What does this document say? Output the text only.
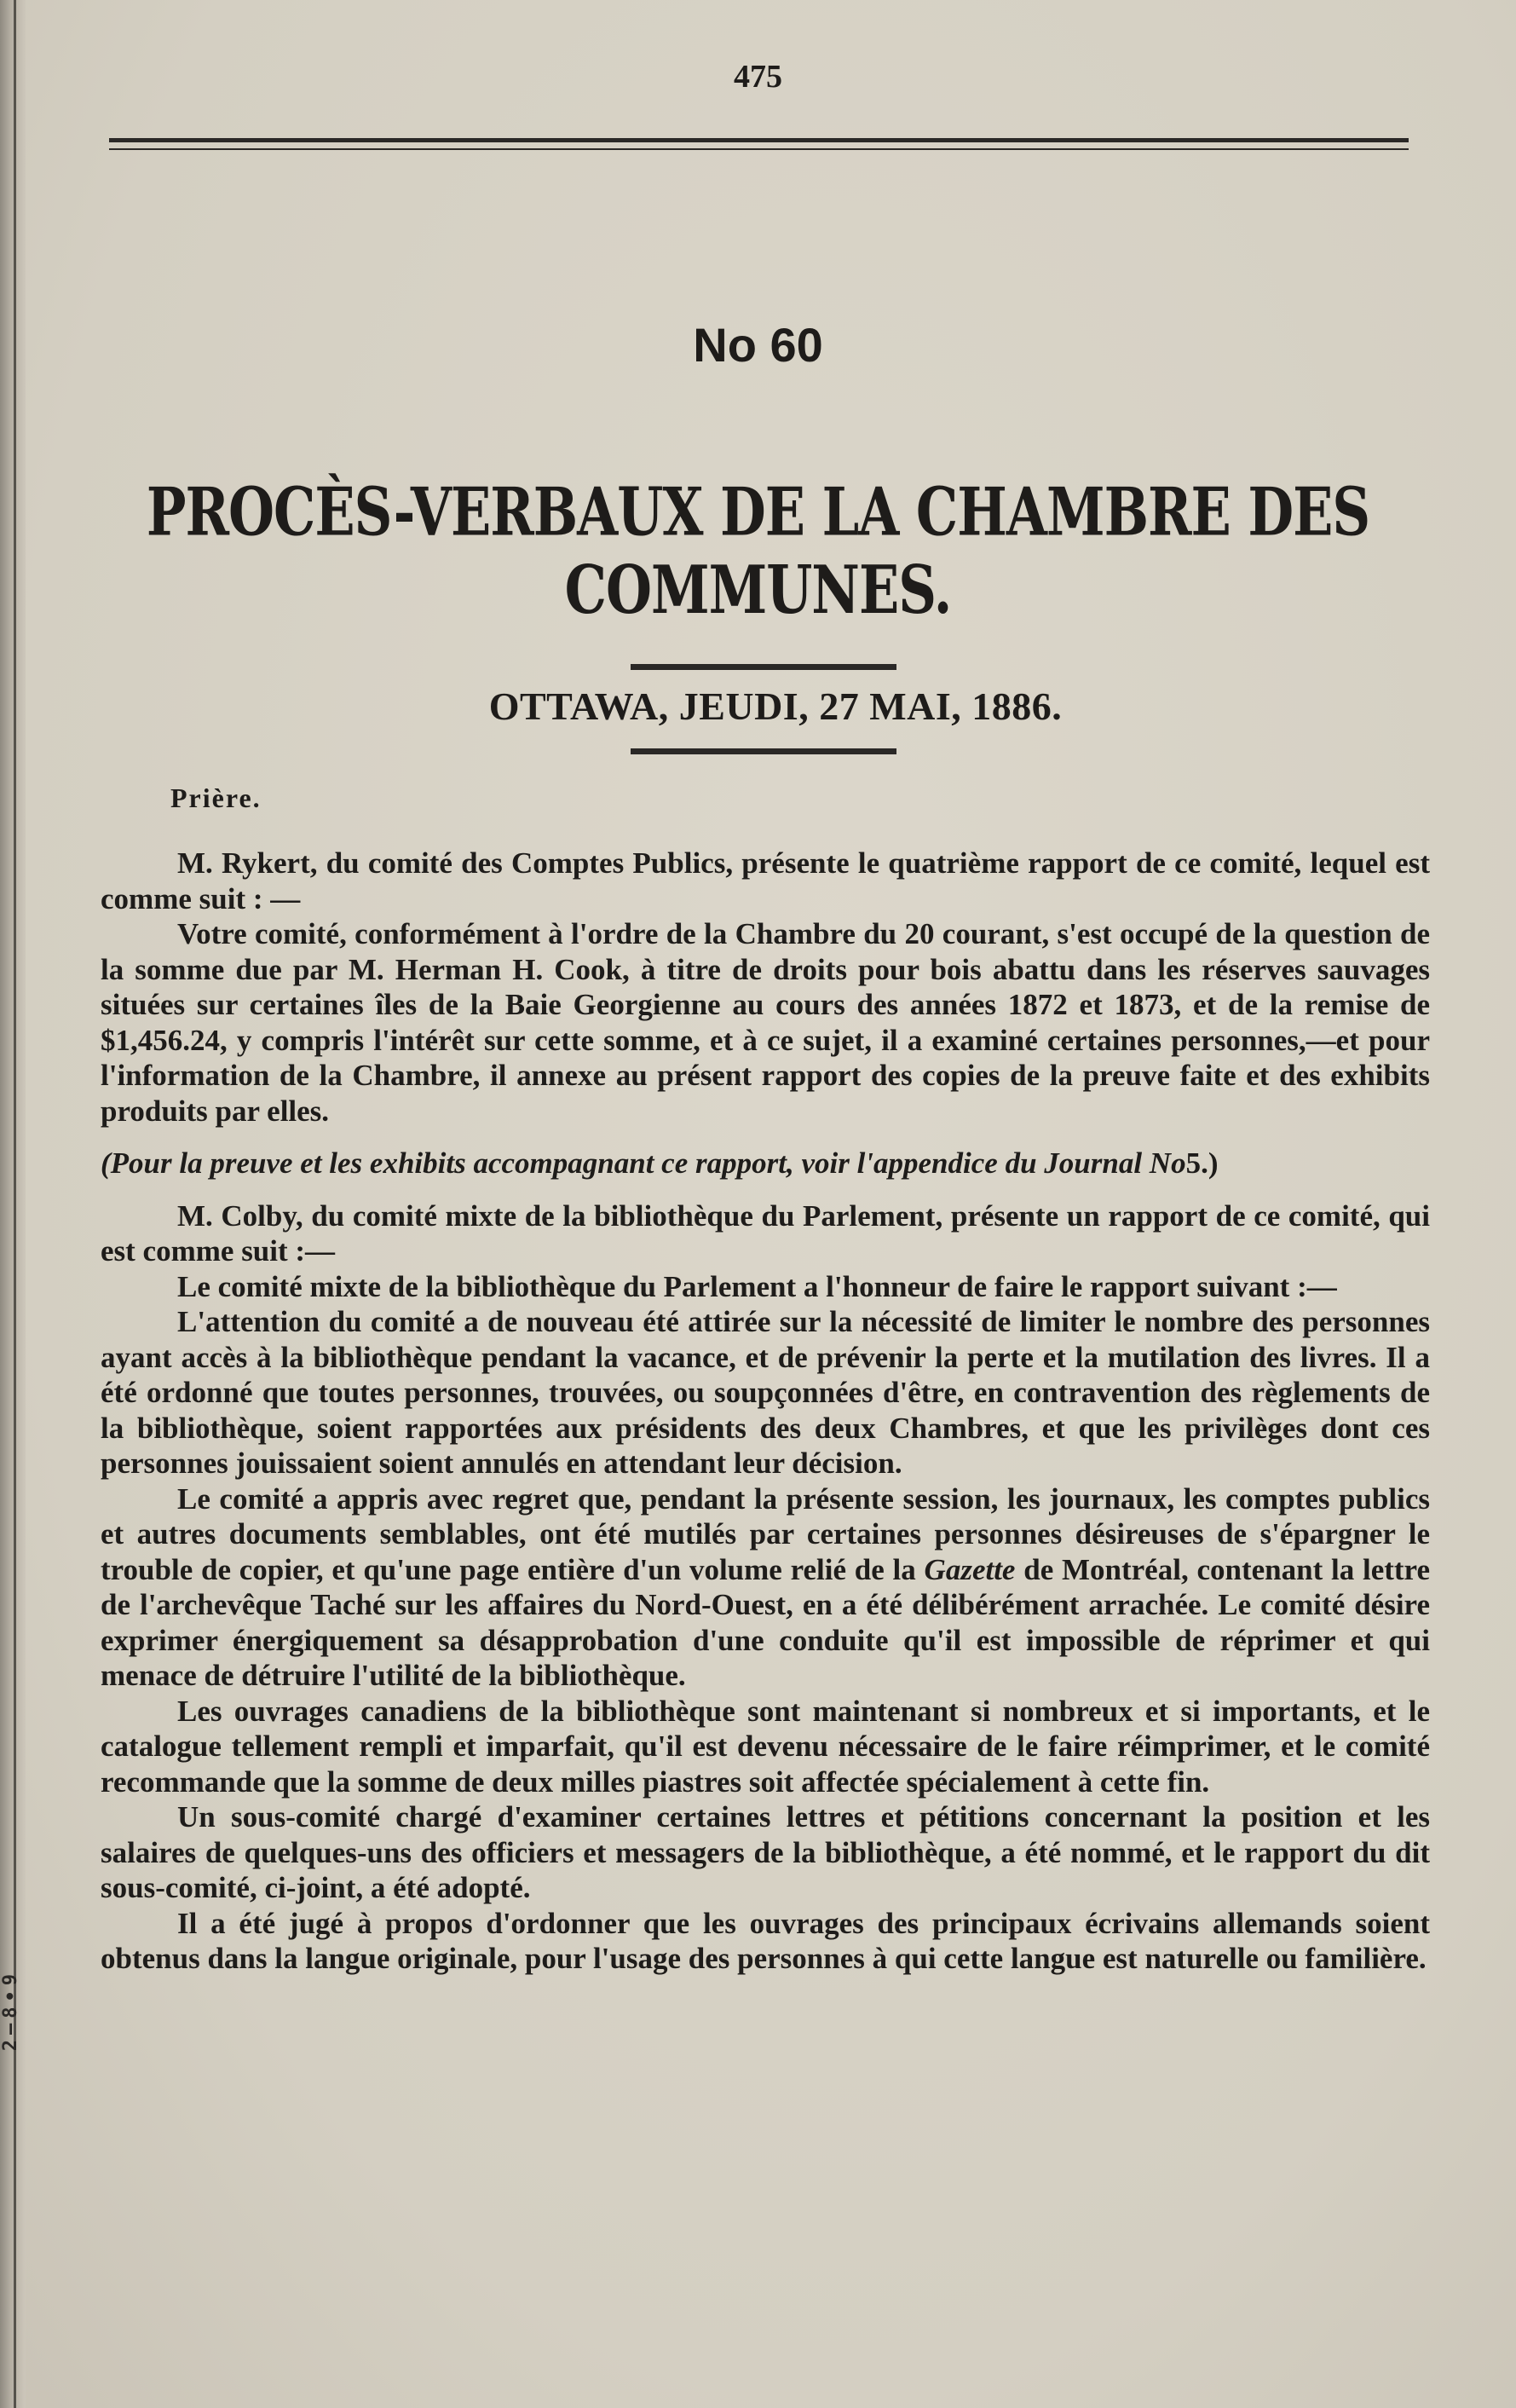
2–8∙9
475
No 60
PROCÈS-VERBAUX DE LA CHAMBRE DES COMMUNES.
OTTAWA, JEUDI, 27 MAI, 1886.
Prière.

M. Rykert, du comité des Comptes Publics, présente le quatrième rapport de ce comité, lequel est comme suit : —

Votre comité, conformément à l'ordre de la Chambre du 20 courant, s'est occupé de la question de la somme due par M. Herman H. Cook, à titre de droits pour bois abattu dans les réserves sauvages situées sur certaines îles de la Baie Georgienne au cours des années 1872 et 1873, et de la remise de $1,456.24, y compris l'intérêt sur cette somme, et à ce sujet, il a examiné certaines personnes,—et pour l'information de la Chambre, il annexe au présent rapport des copies de la preuve faite et des exhibits produits par elles.

(Pour la preuve et les exhibits accompagnant ce rapport, voir l'appendice du Journal No5.)

M. Colby, du comité mixte de la bibliothèque du Parlement, présente un rapport de ce comité, qui est comme suit :—

Le comité mixte de la bibliothèque du Parlement a l'honneur de faire le rapport suivant :—

L'attention du comité a de nouveau été attirée sur la nécessité de limiter le nombre des personnes ayant accès à la bibliothèque pendant la vacance, et de prévenir la perte et la mutilation des livres. Il a été ordonné que toutes personnes, trouvées, ou soupçonnées d'être, en contravention des règlements de la bibliothèque, soient rapportées aux présidents des deux Chambres, et que les privilèges dont ces personnes jouissaient soient annulés en attendant leur décision.

Le comité a appris avec regret que, pendant la présente session, les journaux, les comptes publics et autres documents semblables, ont été mutilés par certaines personnes désireuses de s'épargner le trouble de copier, et qu'une page entière d'un volume relié de la Gazette de Montréal, contenant la lettre de l'archevêque Taché sur les affaires du Nord-Ouest, en a été délibérément arrachée. Le comité désire exprimer énergiquement sa désapprobation d'une conduite qu'il est impossible de réprimer et qui menace de détruire l'utilité de la bibliothèque.

Les ouvrages canadiens de la bibliothèque sont maintenant si nombreux et si importants, et le catalogue tellement rempli et imparfait, qu'il est devenu nécessaire de le faire réimprimer, et le comité recommande que la somme de deux milles piastres soit affectée spécialement à cette fin.

Un sous-comité chargé d'examiner certaines lettres et pétitions concernant la position et les salaires de quelques-uns des officiers et messagers de la bibliothèque, a été nommé, et le rapport du dit sous-comité, ci-joint, a été adopté.

Il a été jugé à propos d'ordonner que les ouvrages des principaux écrivains allemands soient obtenus dans la langue originale, pour l'usage des personnes à qui cette langue est naturelle ou familière.
